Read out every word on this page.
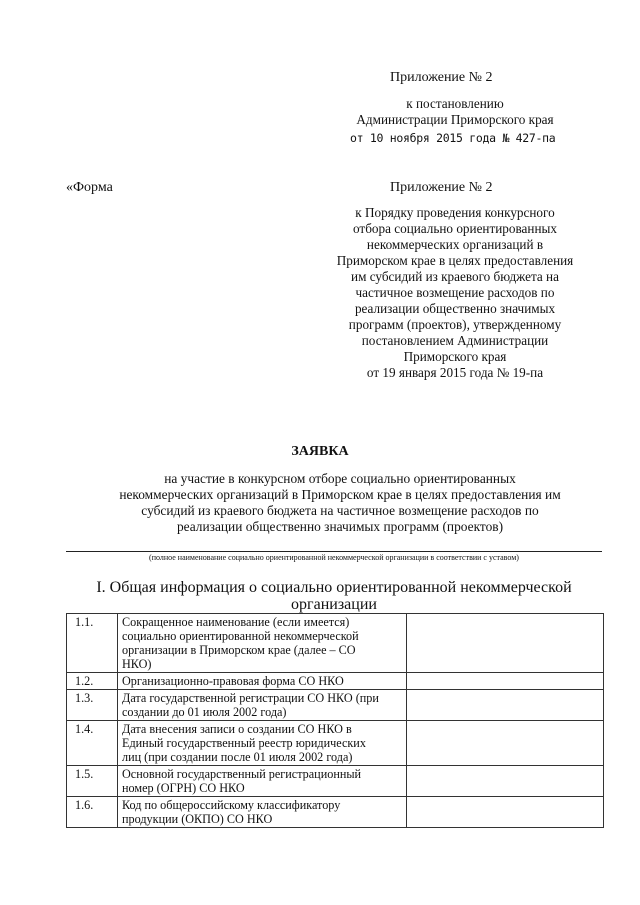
Приложение № 2
к постановлению
Администрации Приморского края
от 10 ноября 2015 года № 427-па
«Форма	Приложение № 2
к Порядку проведения конкурсного
отбора социально ориентированных
некоммерческих организаций в
Приморском крае в целях предоставления
им субсидий из краевого бюджета на
частичное возмещение расходов по
реализации общественно значимых
программ (проектов), утвержденному
постановлением Администрации
Приморского края
от 19 января 2015 года № 19-па
ЗАЯВКА
на участие в конкурсном отборе социально ориентированных
некоммерческих организаций в Приморском крае в целях предоставления им
субсидий из краевого бюджета на частичное возмещение расходов по
реализации общественно значимых программ (проектов)
(полное наименование социально ориентированной некоммерческой организации в соответствии с уставом)
I. Общая информация о социально ориентированной некоммерческой
организации
1.1.	Сокращенное наименование (если имеется)
социально ориентированной некоммерческой
организации в Приморском крае (далее – СО
НКО)	

1.2.	Организационно-правовая форма СО НКО	

1.3.	Дата государственной регистрации СО НКО (при
создании до 01 июля 2002 года)	

1.4.	Дата внесения записи о создании СО НКО в
Единый государственный реестр юридических
лиц (при создании после 01 июля 2002 года)	

1.5.	Основной государственный регистрационный
номер (ОГРН) СО НКО	

1.6.	Код по общероссийскому классификатору
продукции (ОКПО) СО НКО	
